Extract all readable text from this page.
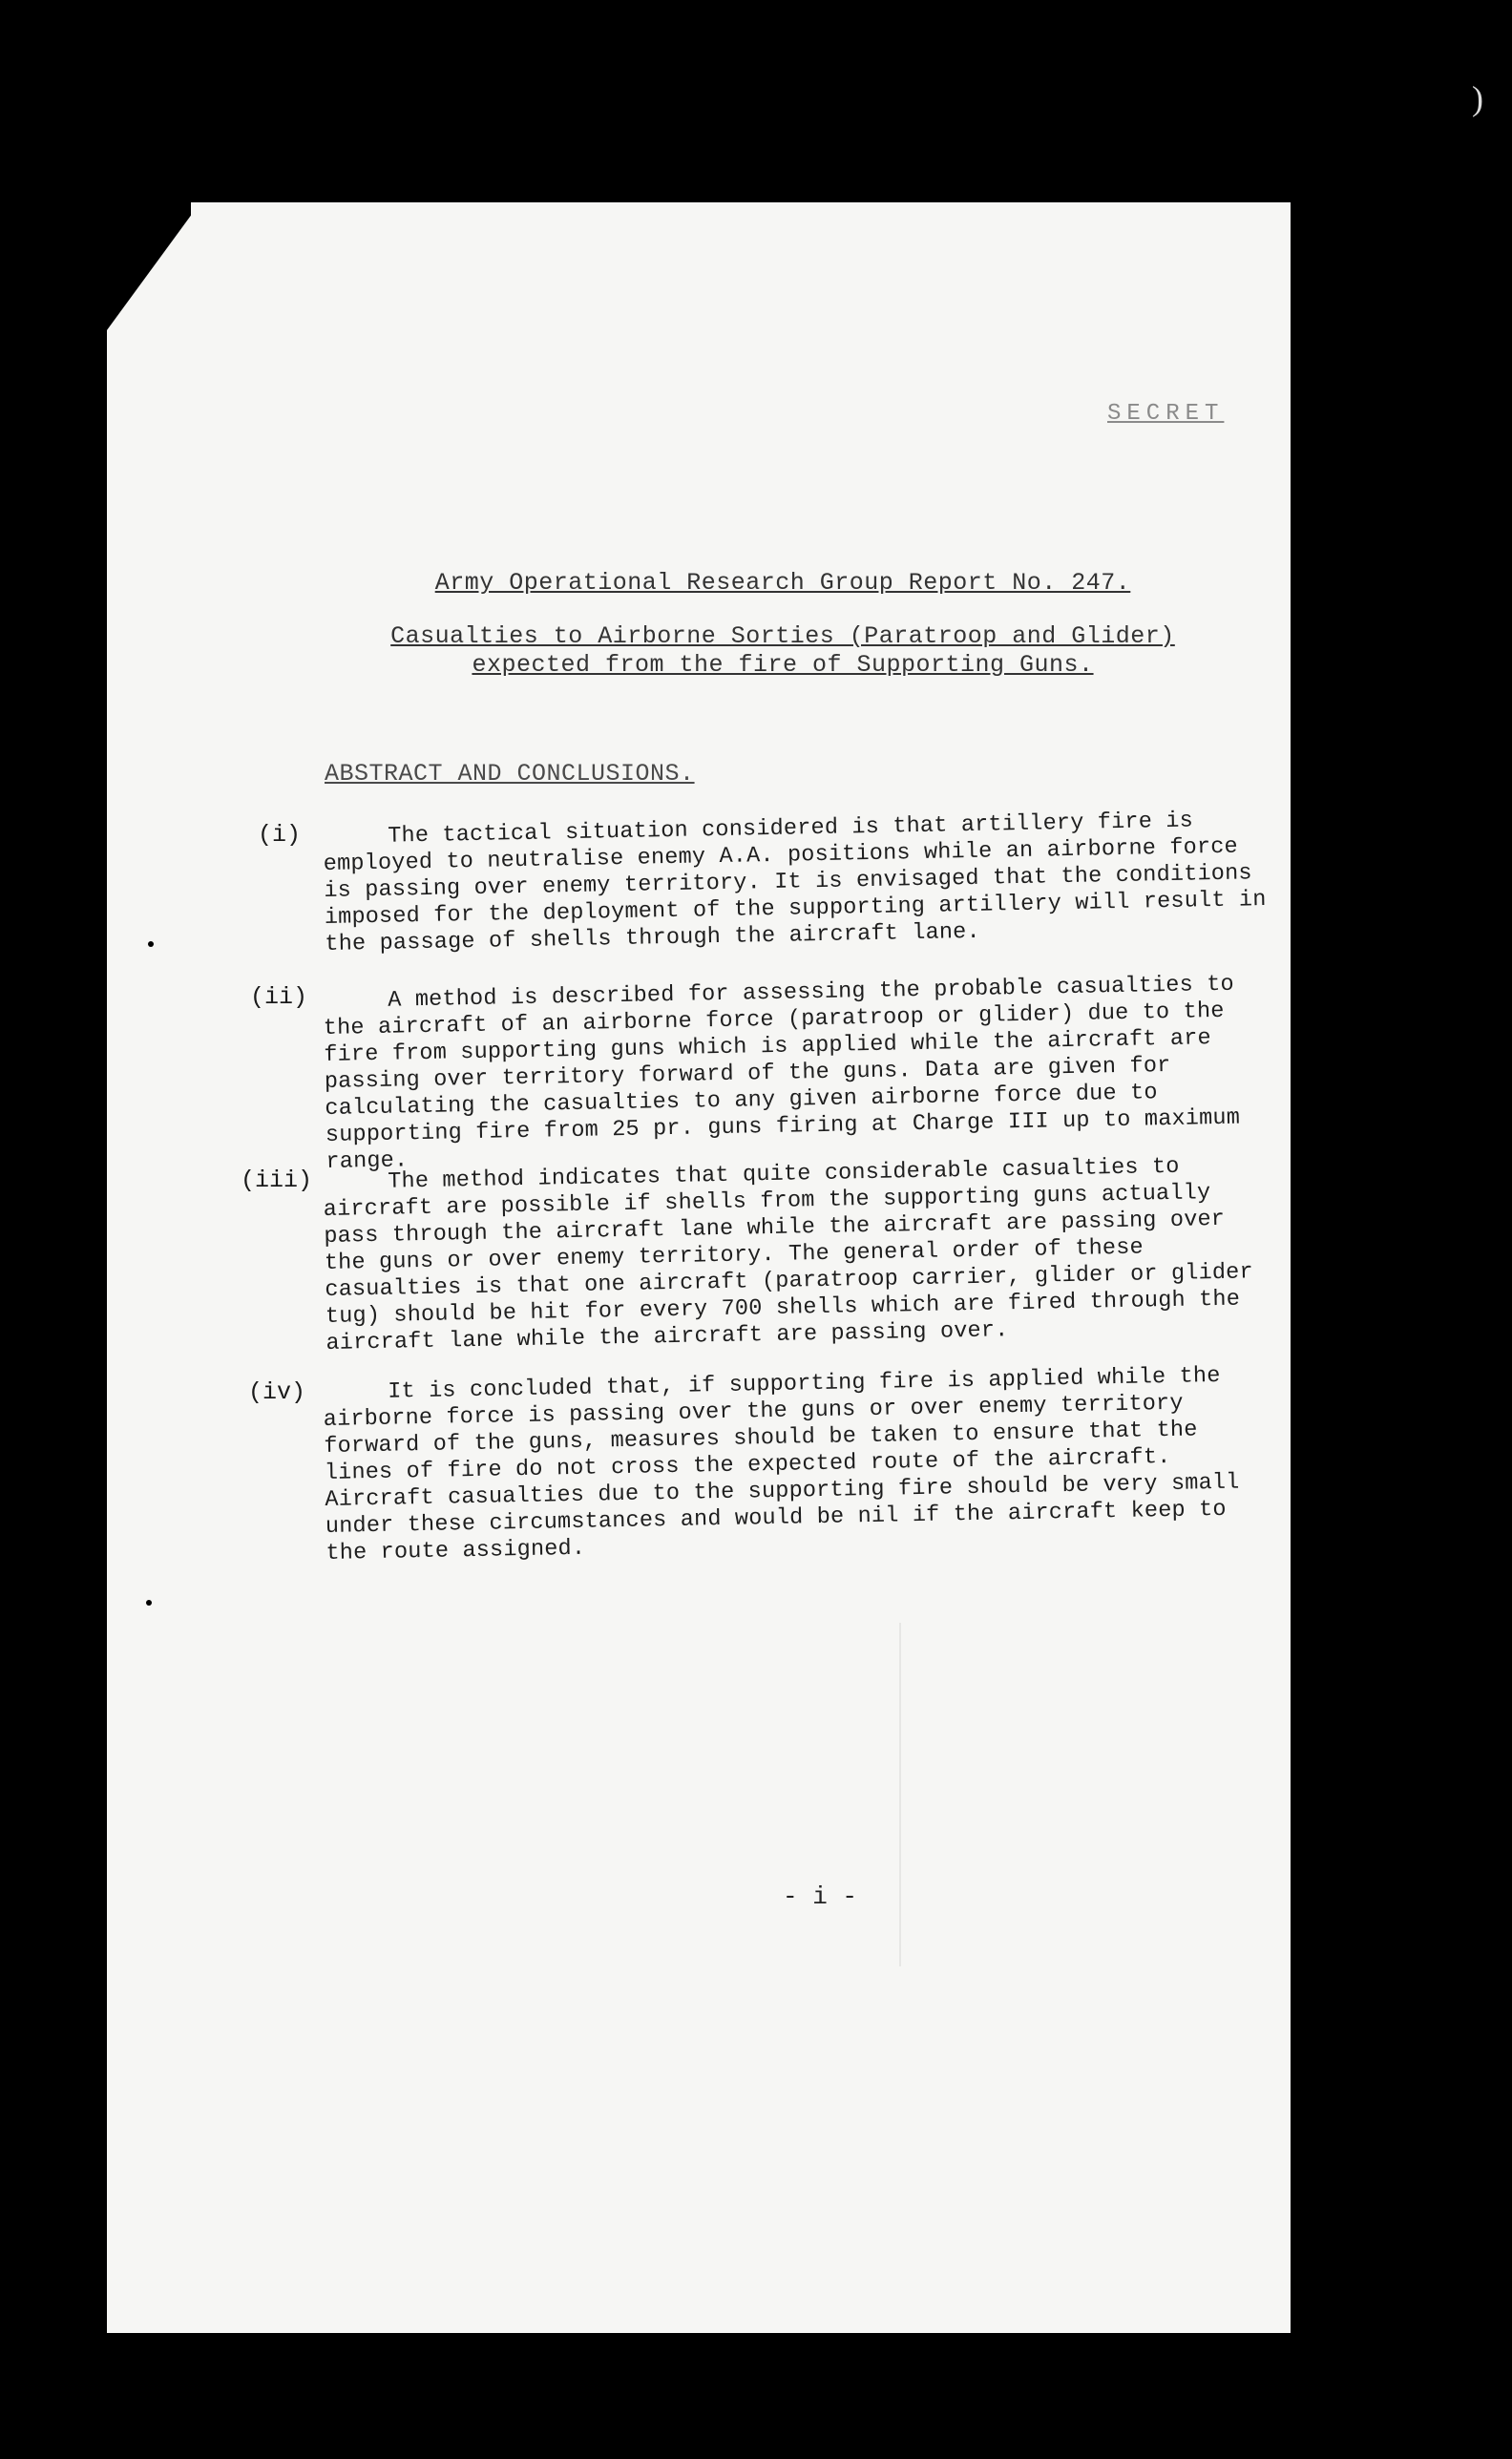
)
SECRET
Army Operational Research Group Report No. 247.
Casualties to Airborne Sorties (Paratroop and Glider)
expected from the fire of Supporting Guns.
ABSTRACT AND CONCLUSIONS.
(i)	The tactical situation considered is that artillery fire is employed to neutralise enemy A.A. positions while an airborne force is passing over enemy territory. It is envisaged that the conditions imposed for the deployment of the supporting artillery will result in the passage of shells through the aircraft lane.
(ii)	A method is described for assessing the probable casualties to the aircraft of an airborne force (paratroop or glider) due to the fire from supporting guns which is applied while the aircraft are passing over territory forward of the guns. Data are given for calculating the casualties to any given airborne force due to supporting fire from 25 pr. guns firing at Charge III up to maximum range.
(iii)	The method indicates that quite considerable casualties to aircraft are possible if shells from the supporting guns actually pass through the aircraft lane while the aircraft are passing over the guns or over enemy territory. The general order of these casualties is that one aircraft (paratroop carrier, glider or glider tug) should be hit for every 700 shells which are fired through the aircraft lane while the aircraft are passing over.
(iv)	It is concluded that, if supporting fire is applied while the airborne force is passing over the guns or over enemy territory forward of the guns, measures should be taken to ensure that the lines of fire do not cross the expected route of the aircraft. Aircraft casualties due to the supporting fire should be very small under these circumstances and would be nil if the aircraft keep to the route assigned.
- i -
